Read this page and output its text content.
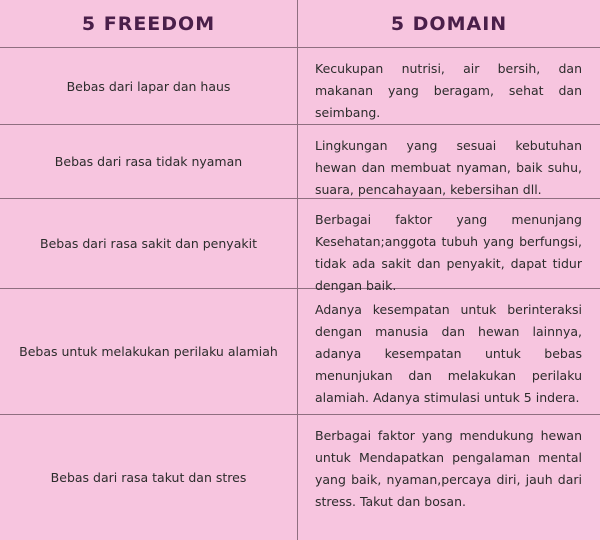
5 FREEDOM	5 DOMAIN
Bebas dari lapar dan haus
Kecukupan nutrisi, air bersih, dan makanan yang beragam, sehat dan seimbang.
Bebas dari rasa tidak nyaman
Lingkungan yang sesuai kebutuhan hewan dan membuat nyaman, baik suhu, suara, pencahayaan, kebersihan dll.
Bebas dari rasa sakit dan penyakit
Berbagai faktor yang menunjang Kesehatan;anggota tubuh yang berfungsi, tidak ada sakit dan penyakit, dapat tidur dengan baik.
Bebas untuk melakukan perilaku alamiah
Adanya kesempatan untuk berinteraksi dengan manusia dan hewan lainnya, adanya kesempatan untuk bebas menunjukan dan melakukan perilaku alamiah. Adanya stimulasi untuk 5 indera.
Bebas dari rasa takut dan stres
Berbagai faktor yang mendukung hewan untuk Mendapatkan pengalaman mental yang baik, nyaman,percaya diri, jauh dari stress. Takut dan bosan.
